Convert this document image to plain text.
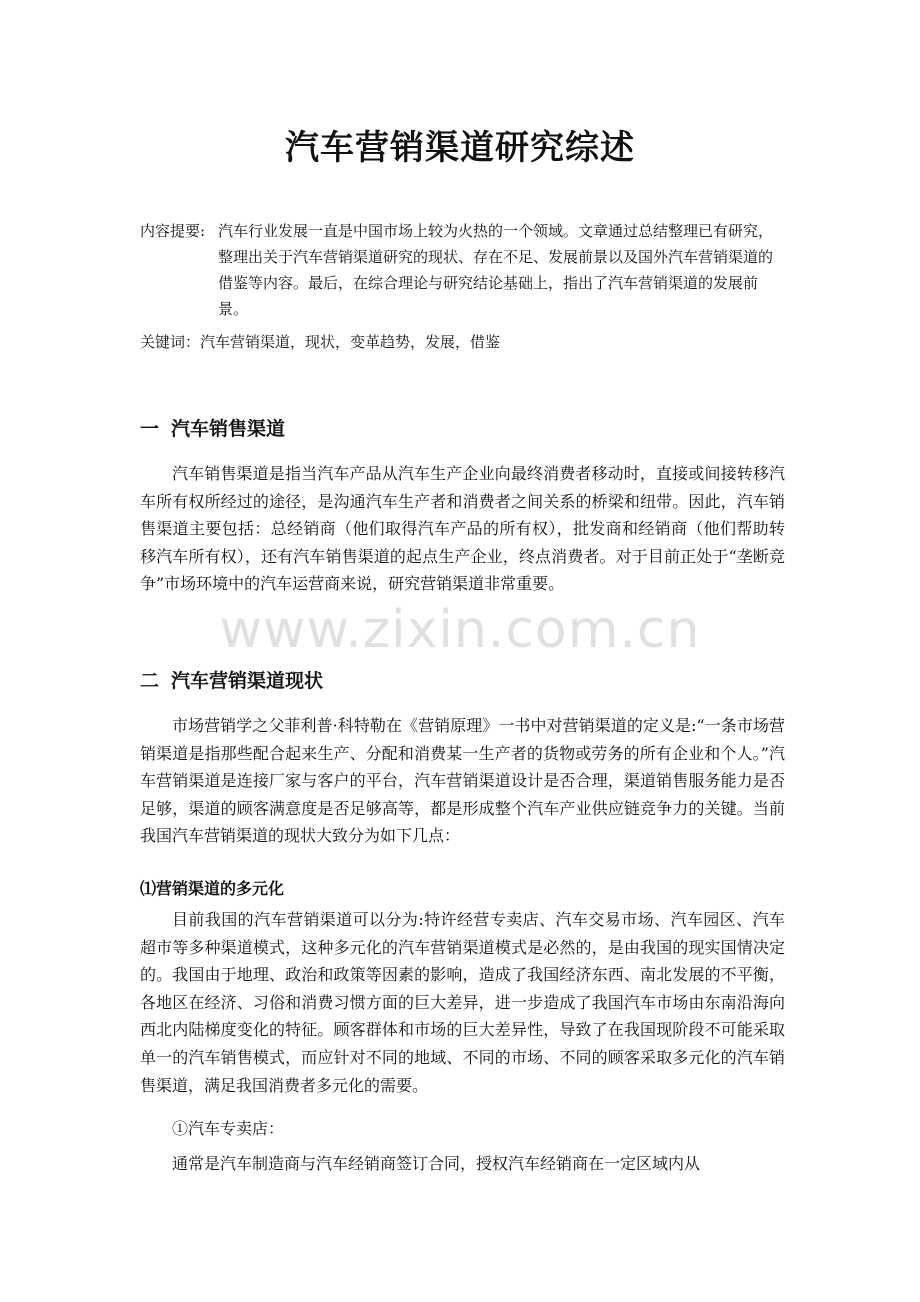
汽车营销渠道研究综述
内容提要: 汽车行业发展一直是中国市场上较为火热的一个领域。文章通过总结整理已有研究，整理出关于汽车营销渠道研究的现状、存在不足、发展前景以及国外汽车营销渠道的借鉴等内容。最后，在综合理论与研究结论基础上，指出了汽车营销渠道的发展前景。
关键词：汽车营销渠道，现状，变革趋势，发展，借鉴
一 汽车销售渠道
汽车销售渠道是指当汽车产品从汽车生产企业向最终消费者移动时，直接或间接转移汽车所有权所经过的途径，是沟通汽车生产者和消费者之间关系的桥梁和纽带。因此，汽车销售渠道主要包括：总经销商（他们取得汽车产品的所有权），批发商和经销商（他们帮助转移汽车所有权），还有汽车销售渠道的起点生产企业，终点消费者。对于目前正处于“垄断竞争”市场环境中的汽车运营商来说，研究营销渠道非常重要。
www.zixin.com.cn
二 汽车营销渠道现状
市场营销学之父菲利普·科特勒在《营销原理》一书中对营销渠道的定义是:“一条市场营销渠道是指那些配合起来生产、分配和消费某一生产者的货物或劳务的所有企业和个人。”汽车营销渠道是连接厂家与客户的平台，汽车营销渠道设计是否合理，渠道销售服务能力是否足够，渠道的顾客满意度是否足够高等，都是形成整个汽车产业供应链竞争力的关键。当前我国汽车营销渠道的现状大致分为如下几点：
⑴营销渠道的多元化
目前我国的汽车营销渠道可以分为:特许经营专卖店、汽车交易市场、汽车园区、汽车超市等多种渠道模式，这种多元化的汽车营销渠道模式是必然的，是由我国的现实国情决定的。我国由于地理、政治和政策等因素的影响，造成了我国经济东西、南北发展的不平衡，各地区在经济、习俗和消费习惯方面的巨大差异，进一步造成了我国汽车市场由东南沿海向西北内陆梯度变化的特征。顾客群体和市场的巨大差异性，导致了在我国现阶段不可能采取单一的汽车销售模式，而应针对不同的地域、不同的市场、不同的顾客采取多元化的汽车销售渠道，满足我国消费者多元化的需要。
①汽车专卖店：
通常是汽车制造商与汽车经销商签订合同，授权汽车经销商在一定区域内从
